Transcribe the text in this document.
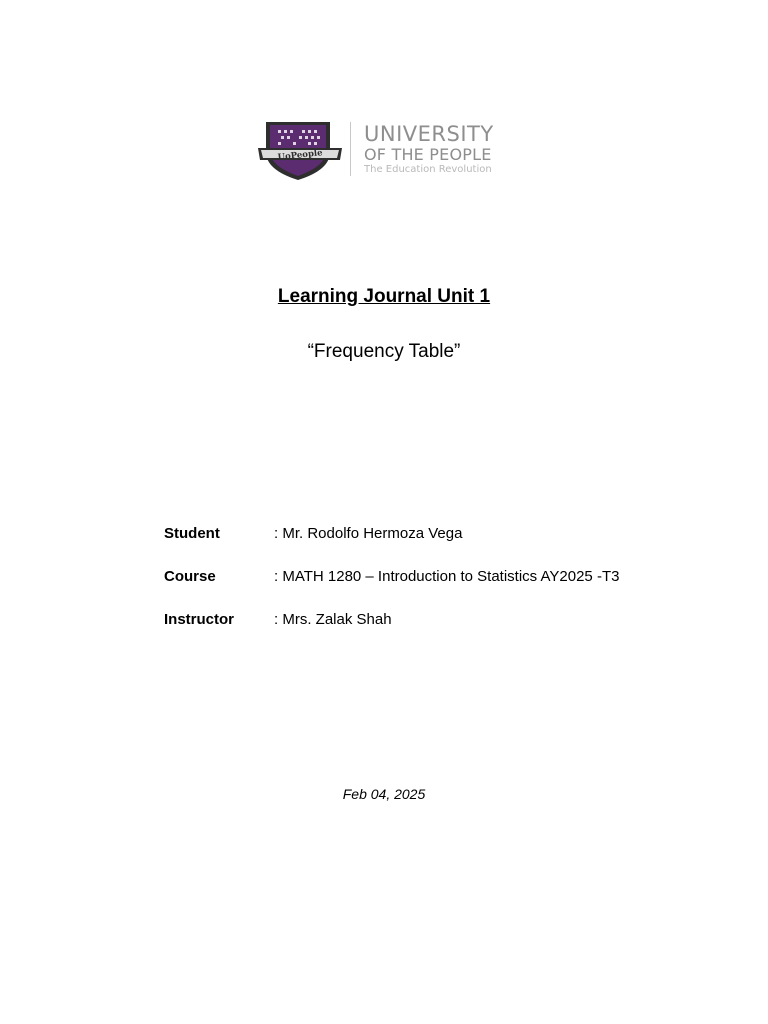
UoPeople
UNIVERSITY
OF THE PEOPLE
The Education Revolution
Learning Journal Unit 1
“Frequency Table”
Student	: Mr. Rodolfo Hermoza Vega
Course	: MATH 1280 – Introduction to Statistics AY2025 -T3
Instructor	: Mrs. Zalak Shah
Feb 04, 2025
